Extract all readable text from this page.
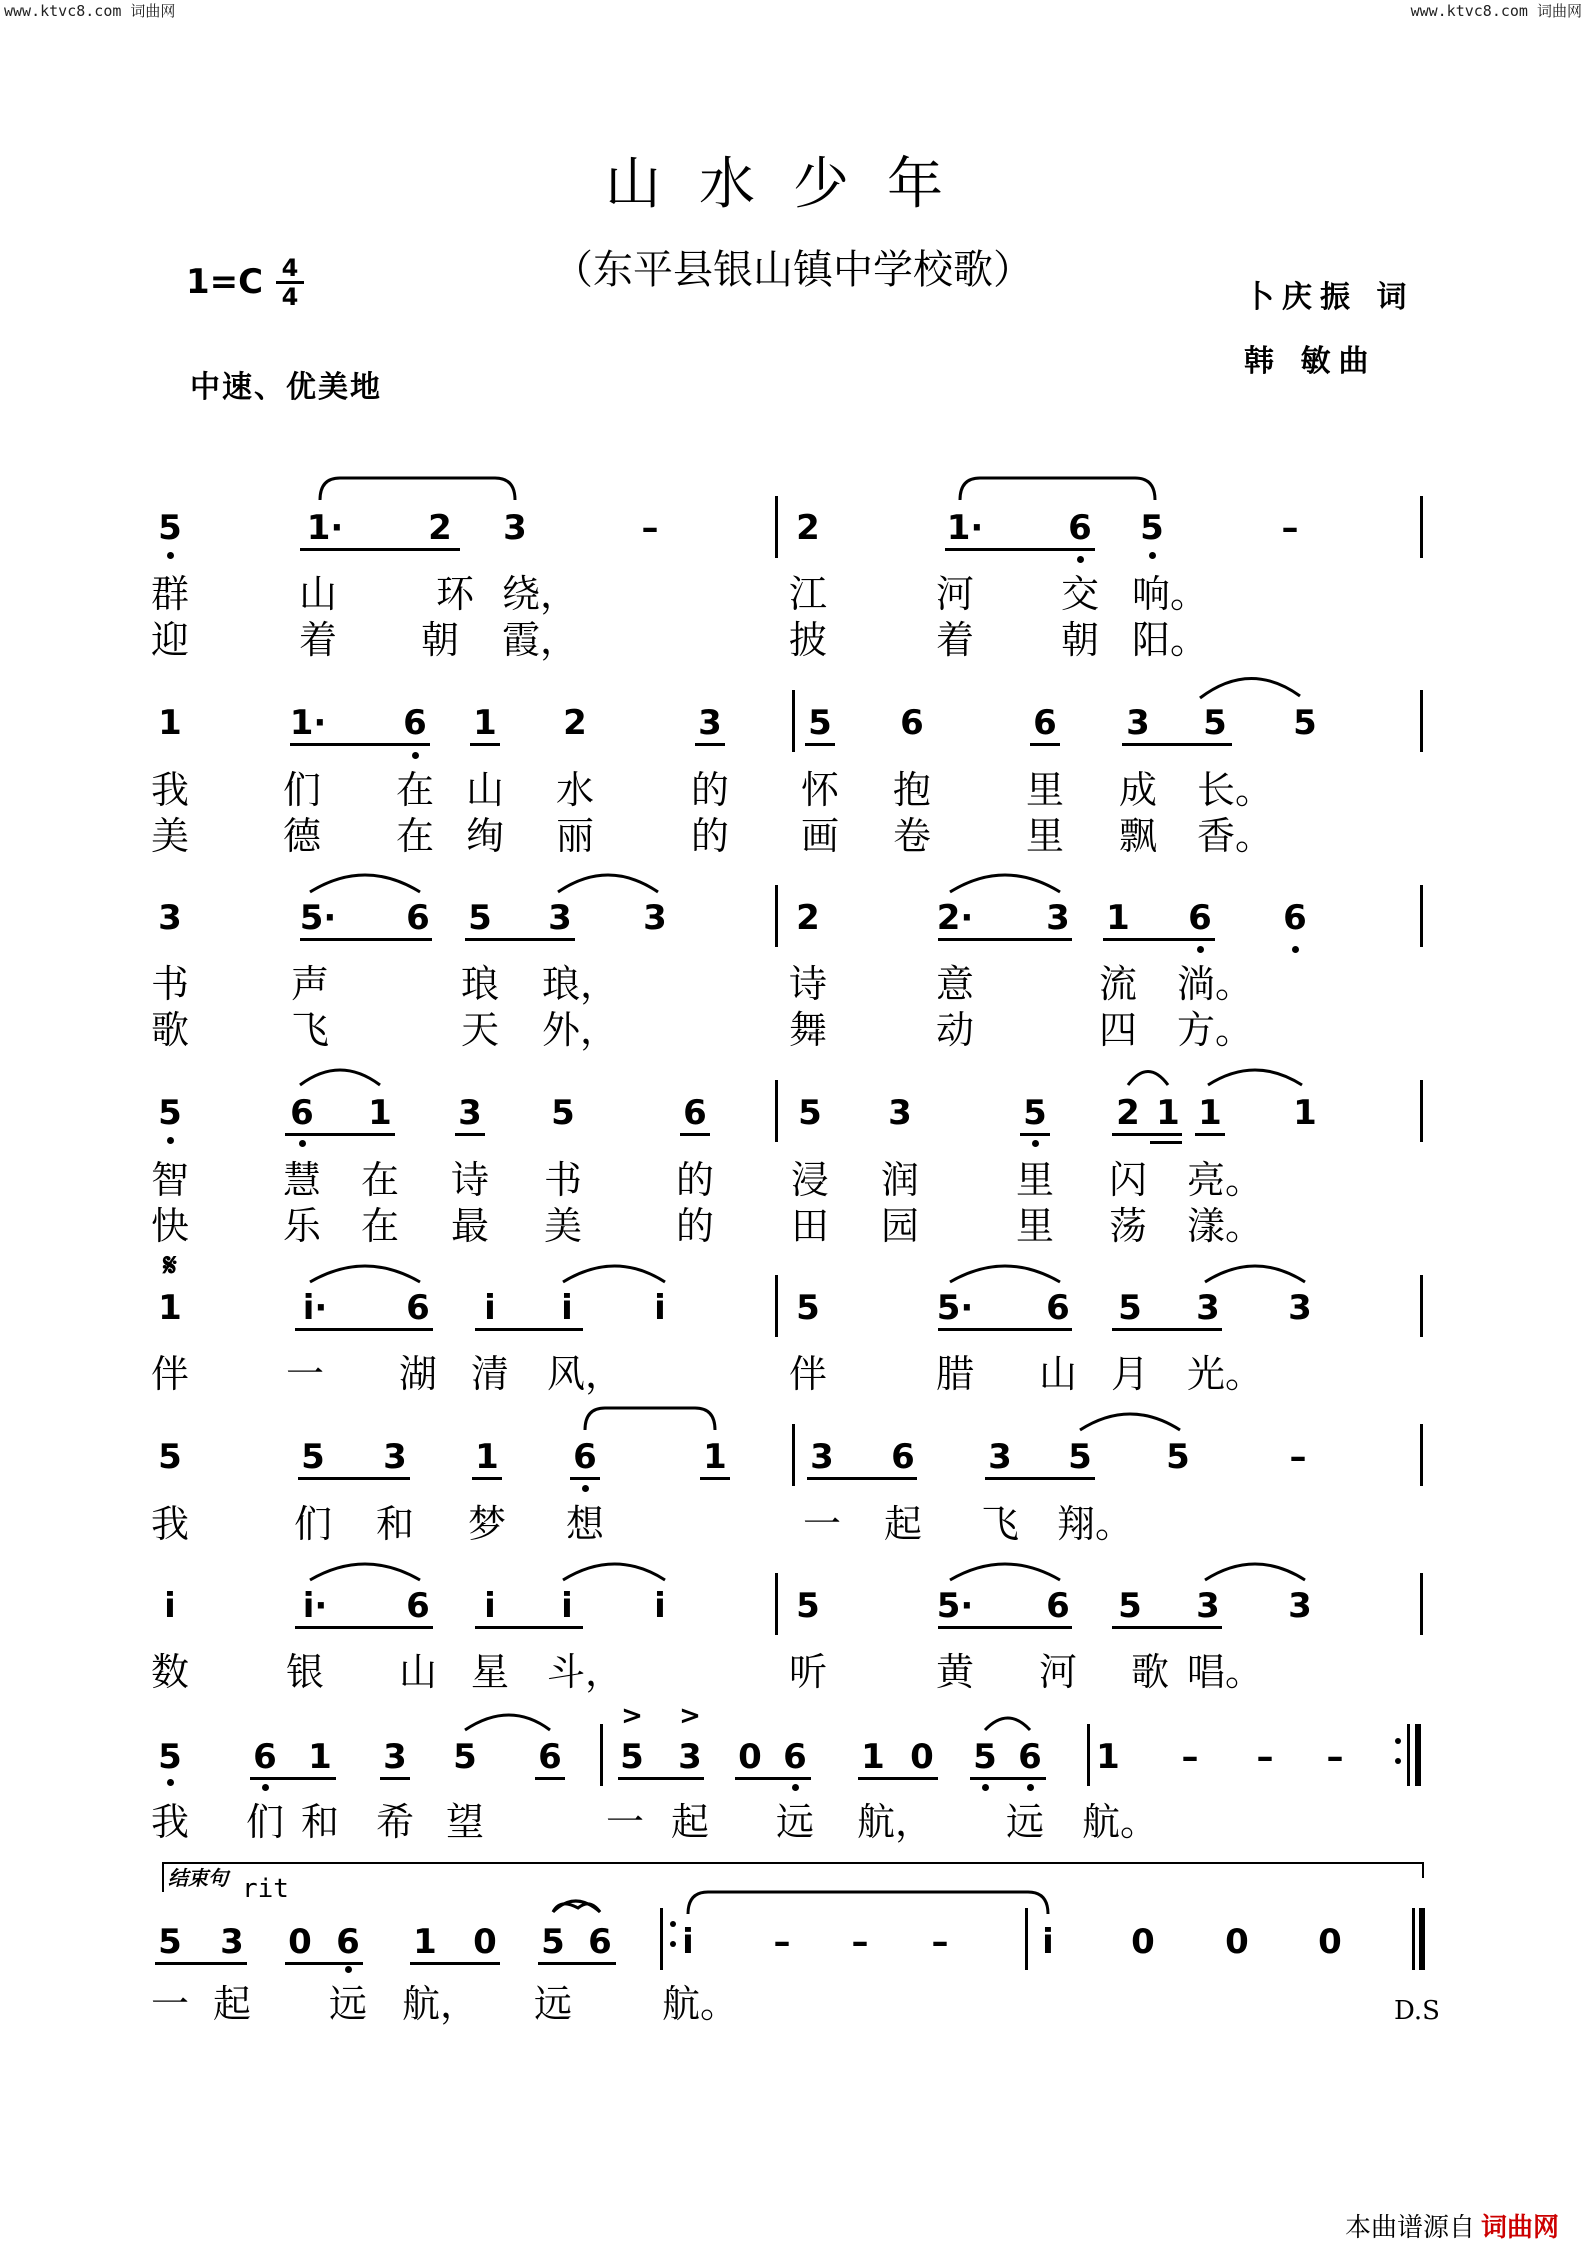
www.ktvc8.com 词曲网	www.ktvc8.com 词曲网
山水少年
（东平县银山镇中学校歌）
1=C 4
4
中速、优美地
卜庆振 词
韩 敏曲
5	1· 2 3	–	2	1· 6 5	–
群	山	环 绕，	江	河 交 响。
迎	着 朝 霞，	披	着 朝 阳。
1	1· 6 1 2	3	5 6	6 3 5 5
我 们 在 山 水	的 怀 抱 里 成 长。
美 德 在 绚 丽	的 画 卷 里 飘 香。
3	5· 6 5 3 3	2	2· 3 1 6 6
书	声	琅 琅，	诗	意	流 淌。
歌	飞	天 外，	舞	动	四 方。
5	6 1 3 5	6	5 3	5 2 1 1 1
智 慧 在 诗 书 的 浸 润	里 闪 亮。
快 乐 在 最 美 的 田 园	里 荡 漾。
𝄋
1	i· 6 i i i	5	5· 6 5 3 3
伴	一 湖 清 风，	伴	腊 山 月 光。
5	5 3 1 6	1 3 6 3 5 5	–
我	们 和 梦 想	一 起 飞 翔。
i	i· 6 i i i	5	5· 6 5 3 3
数	银 山 星 斗，	听	黄 河 歌 唱。
> >
5 6 1 3 5 6 5 3 0 6 1 0 5 6 1 – – –
我 们 和 希 望	一 起 远 航， 远 航。
结束句 rit
5 3 0 6 1 0 5 6 i – – –	i 0 0 0
一 起 远 航， 远 航。	D.S
本曲谱源自 词曲网
